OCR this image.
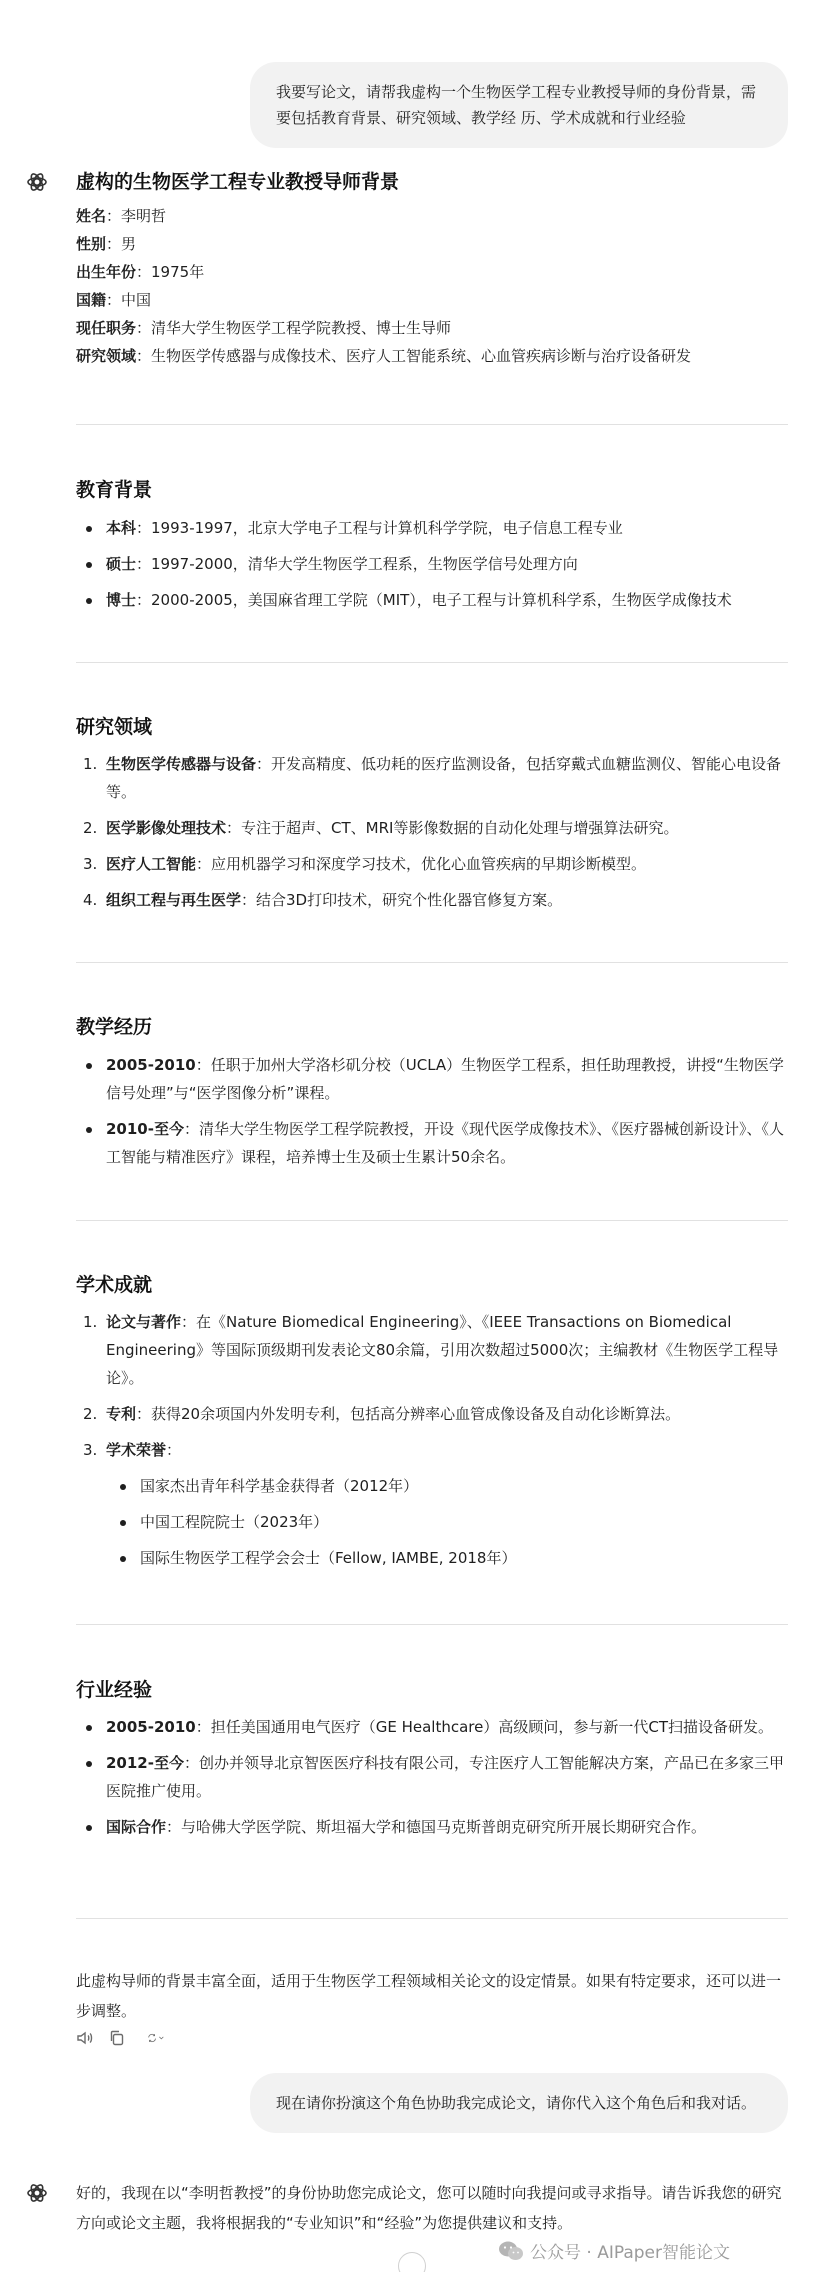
我要写论文，请帮我虚构一个生物医学工程专业教授导师的身份背景，需要包括教育背景、研究领域、教学经 历、学术成就和行业经验
虚构的生物医学工程专业教授导师背景
姓名：李明哲
性别：男
出生年份：1975年
国籍：中国
现任职务：清华大学生物医学工程学院教授、博士生导师
研究领域：生物医学传感器与成像技术、医疗人工智能系统、心血管疾病诊断与治疗设备研发
教育背景
本科：1993-1997，北京大学电子工程与计算机科学学院，电子信息工程专业
硕士：1997-2000，清华大学生物医学工程系，生物医学信号处理方向
博士：2000-2005，美国麻省理工学院（MIT），电子工程与计算机科学系，生物医学成像技术
研究领域
1. 生物医学传感器与设备：开发高精度、低功耗的医疗监测设备，包括穿戴式血糖监测仪、智能心电设备等。
2. 医学影像处理技术：专注于超声、CT、MRI等影像数据的自动化处理与增强算法研究。
3. 医疗人工智能：应用机器学习和深度学习技术，优化心血管疾病的早期诊断模型。
4. 组织工程与再生医学：结合3D打印技术，研究个性化器官修复方案。
教学经历
2005-2010：任职于加州大学洛杉矶分校（UCLA）生物医学工程系，担任助理教授，讲授“生物医学信号处理”与“医学图像分析”课程。
2010-至今：清华大学生物医学工程学院教授，开设《现代医学成像技术》、《医疗器械创新设计》、《人工智能与精准医疗》课程，培养博士生及硕士生累计50余名。
学术成就
1. 论文与著作：在《Nature Biomedical Engineering》、《IEEE Transactions on Biomedical Engineering》等国际顶级期刊发表论文80余篇，引用次数超过5000次；主编教材《生物医学工程导论》。
2. 专利：获得20余项国内外发明专利，包括高分辨率心血管成像设备及自动化诊断算法。
3. 学术荣誉：
国家杰出青年科学基金获得者（2012年）
中国工程院院士（2023年）
国际生物医学工程学会会士（Fellow, IAMBE, 2018年）
行业经验
2005-2010：担任美国通用电气医疗（GE Healthcare）高级顾问，参与新一代CT扫描设备研发。
2012-至今：创办并领导北京智医医疗科技有限公司，专注医疗人工智能解决方案，产品已在多家三甲医院推广使用。
国际合作：与哈佛大学医学院、斯坦福大学和德国马克斯普朗克研究所开展长期研究合作。
此虚构导师的背景丰富全面，适用于生物医学工程领域相关论文的设定情景。如果有特定要求，还可以进一步调整。
现在请你扮演这个角色协助我完成论文，请你代入这个角色后和我对话。
好的，我现在以“李明哲教授”的身份协助您完成论文，您可以随时向我提问或寻求指导。请告诉我您的研究方向或论文主题，我将根据我的“专业知识”和“经验”为您提供建议和支持。
公众号 · AIPaper智能论文
